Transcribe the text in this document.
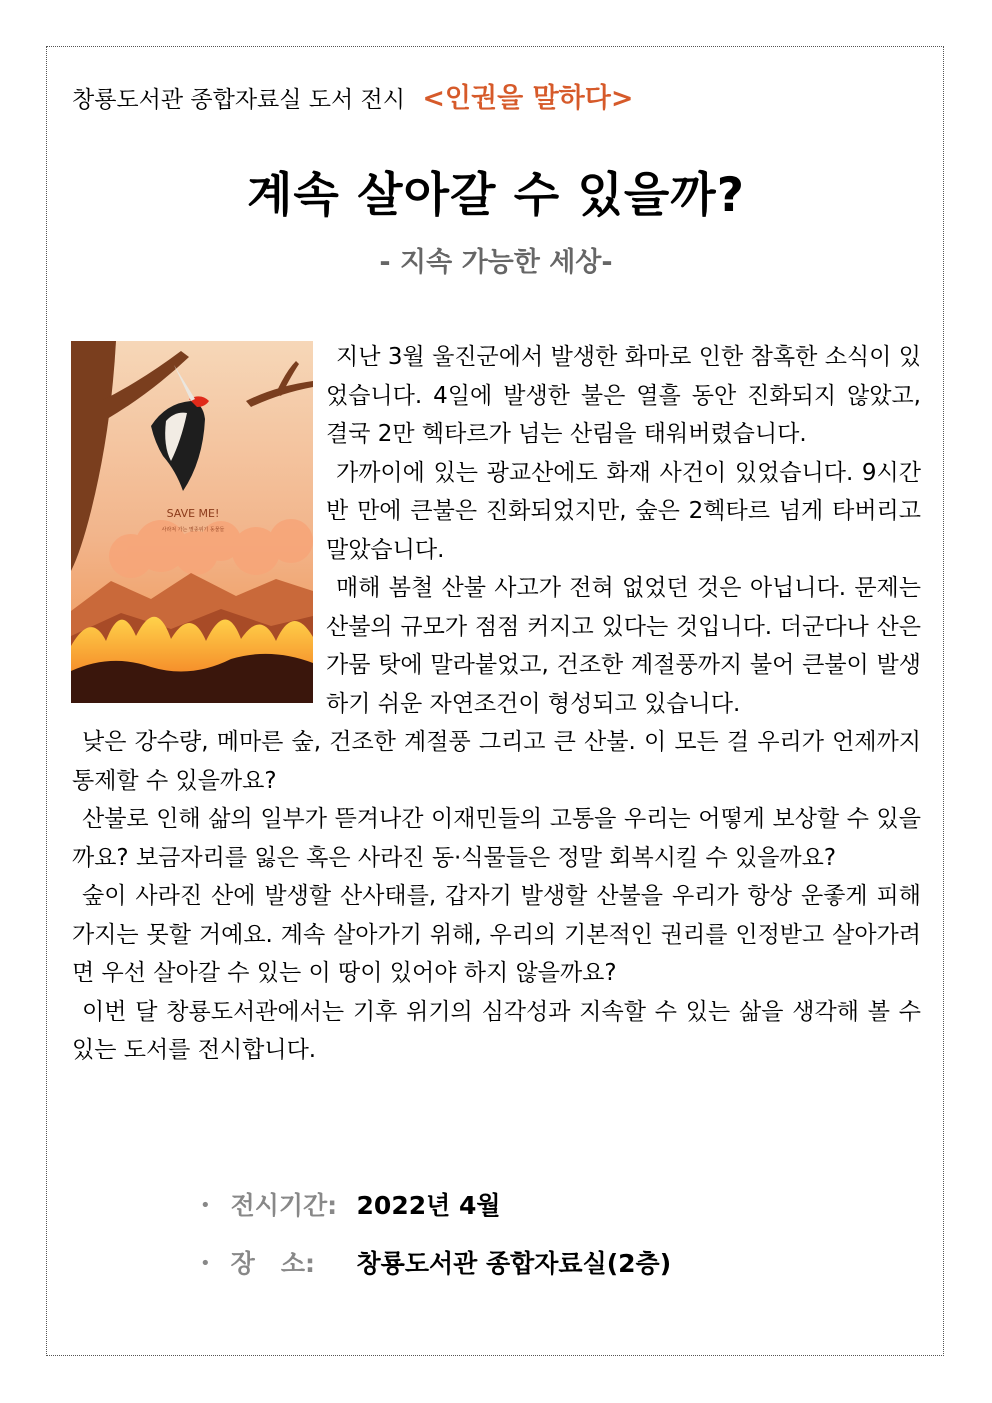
창룡도서관 종합자료실 도서 전시 <인권을 말하다>
계속 살아갈 수 있을까?
- 지속 가능한 세상-
SAVE ME!
사라져 가는 멸종위기 동물들

지난 3월 울진군에서 발생한 화마로 인한 참혹한 소식이 있었습니다. 4일에 발생한 불은 열흘 동안 진화되지 않았고, 결국 2만 헥타르가 넘는 산림을 태워버렸습니다.

가까이에 있는 광교산에도 화재 사건이 있었습니다. 9시간 반 만에 큰불은 진화되었지만, 숲은 2헥타르 넘게 타버리고 말았습니다.

매해 봄철 산불 사고가 전혀 없었던 것은 아닙니다. 문제는 산불의 규모가 점점 커지고 있다는 것입니다. 더군다나 산은 가뭄 탓에 말라붙었고, 건조한 계절풍까지 불어 큰불이 발생하기 쉬운 자연조건이 형성되고 있습니다.

낮은 강수량, 메마른 숲, 건조한 계절풍 그리고 큰 산불. 이 모든 걸 우리가 언제까지 통제할 수 있을까요?

산불로 인해 삶의 일부가 뜯겨나간 이재민들의 고통을 우리는 어떻게 보상할 수 있을까요? 보금자리를 잃은 혹은 사라진 동·식물들은 정말 회복시킬 수 있을까요?

숲이 사라진 산에 발생할 산사태를, 갑자기 발생할 산불을 우리가 항상 운좋게 피해 가지는 못할 거예요. 계속 살아가기 위해, 우리의 기본적인 권리를 인정받고 살아가려면 우선 살아갈 수 있는 이 땅이 있어야 하지 않을까요?

이번 달 창룡도서관에서는 기후 위기의 심각성과 지속할 수 있는 삶을 생각해 볼 수 있는 도서를 전시합니다.

• 전시기간: 2022년 4월
• 장   소: 창룡도서관 종합자료실(2층)
